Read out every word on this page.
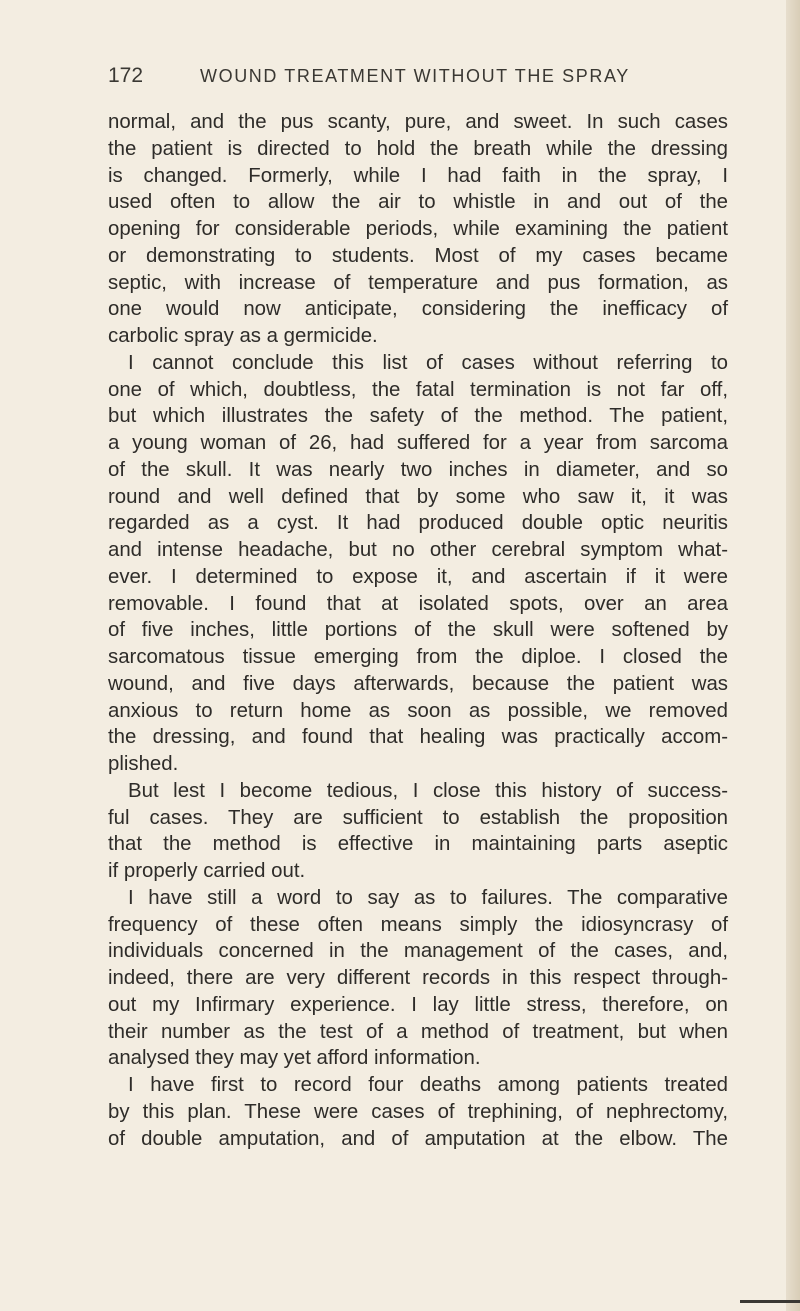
172	WOUND TREATMENT WITHOUT THE SPRAY
normal, and the pus scanty, pure, and sweet. In such cases
the patient is directed to hold the breath while the dressing
is changed. Formerly, while I had faith in the spray, I
used often to allow the air to whistle in and out of the
opening for considerable periods, while examining the patient
or demonstrating to students. Most of my cases became
septic, with increase of temperature and pus formation, as
one would now anticipate, considering the inefficacy of
carbolic spray as a germicide.
I cannot conclude this list of cases without referring to
one of which, doubtless, the fatal termination is not far off,
but which illustrates the safety of the method. The patient,
a young woman of 26, had suffered for a year from sarcoma
of the skull. It was nearly two inches in diameter, and so
round and well defined that by some who saw it, it was
regarded as a cyst. It had produced double optic neuritis
and intense headache, but no other cerebral symptom what-
ever. I determined to expose it, and ascertain if it were
removable. I found that at isolated spots, over an area
of five inches, little portions of the skull were softened by
sarcomatous tissue emerging from the diploe. I closed the
wound, and five days afterwards, because the patient was
anxious to return home as soon as possible, we removed
the dressing, and found that healing was practically accom-
plished.
But lest I become tedious, I close this history of success-
ful cases. They are sufficient to establish the proposition
that the method is effective in maintaining parts aseptic
if properly carried out.
I have still a word to say as to failures. The comparative
frequency of these often means simply the idiosyncrasy of
individuals concerned in the management of the cases, and,
indeed, there are very different records in this respect through-
out my Infirmary experience. I lay little stress, therefore, on
their number as the test of a method of treatment, but when
analysed they may yet afford information.
I have first to record four deaths among patients treated
by this plan. These were cases of trephining, of nephrectomy,
of double amputation, and of amputation at the elbow. The
